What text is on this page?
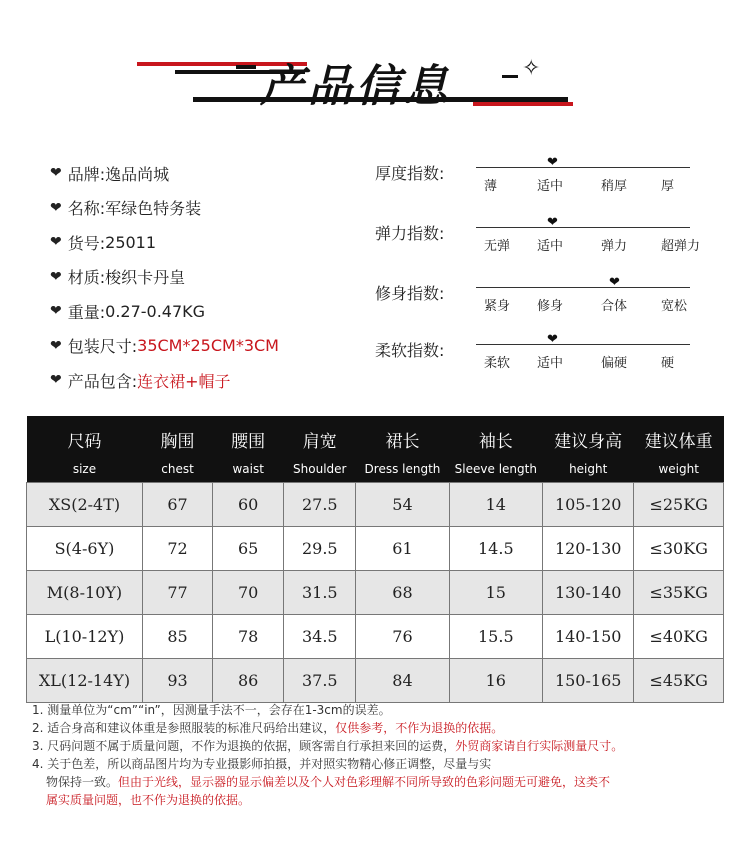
产品信息	✧
❤ 品牌: 逸品尚城
❤ 名称: 军绿色特务装
❤ 货号: 25011
❤ 材质: 梭织卡丹皇
❤ 重量: 0.27-0.47KG
❤ 包装尺寸: 35CM*25CM*3CM
❤ 产品包含: 连衣裙+帽子
厚度指数:
薄	适中	稍厚	厚
❤
弹力指数:
无弹 适中	弹力	超弹力
❤
修身指数:
紧身 修身	合体	宽松
❤
柔软指数:
柔软 适中	偏硬	硬
❤
尺码	胸围	腰围	肩宽	裙长	袖长	建议身高	建议体重
size	chest	waist	Shoulder	Dress length	Sleeve length	height	weight
XS(2-4T)	67	60	27.5	54	14	105-120	≤25KG
S(4-6Y)	72	65	29.5	61	14.5	120-130	≤30KG
M(8-10Y)	77	70	31.5	68	15	130-140	≤35KG
L(10-12Y)	85	78	34.5	76	15.5	140-150	≤40KG
XL(12-14Y)	93	86	37.5	84	16	150-165	≤45KG
1. 测量单位为“cm”“in”，因测量手法不一，会存在1-3cm的误差。
2. 适合身高和建议体重是参照服装的标准尺码给出建议，仅供参考，不作为退换的依据。
3. 尺码问题不属于质量问题，不作为退换的依据，顾客需自行承担来回的运费，外贸商家请自行实际测量尺寸。
4. 关于色差，所以商品图片均为专业摄影师拍摄，并对照实物精心修正调整，尽量与实
物保持一致。但由于光线，显示器的显示偏差以及个人对色彩理解不同所导致的色彩问题无可避免，这类不
属实质量问题，也不作为退换的依据。
